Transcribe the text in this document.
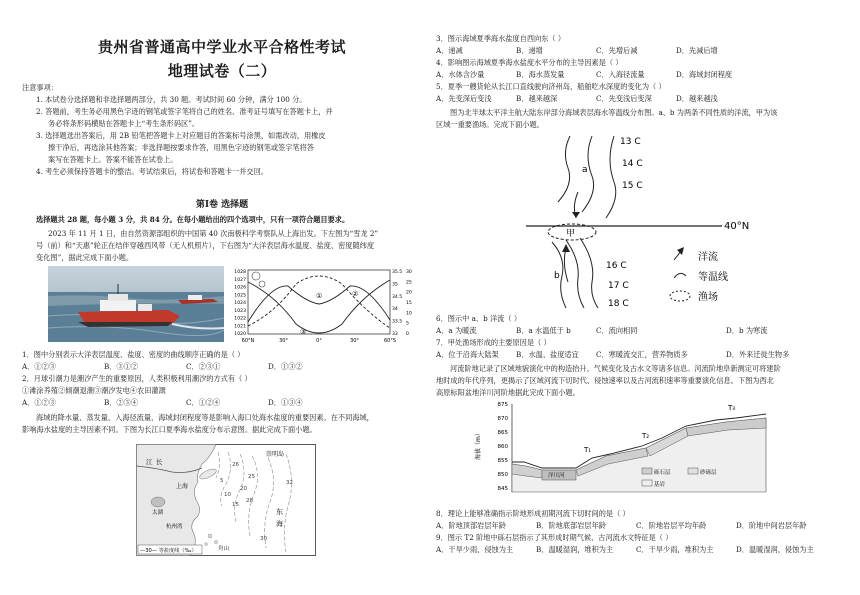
贵州省普通高中学业水平合格性考试
地理试卷（二）
注意事项：
1. 本试卷分选择题和非选择题两部分，共 30 题。考试时间 60 分钟，满分 100 分。
2. 答题前，考生务必用黑色字迹的钢笔或签字笔将自己的姓名、准考证号填写在答题卡上，并
务必将条形码横贴在答题卡上“考生条形码区”。
3. 选择题选出答案后，用 2B 铅笔把答题卡上对应题目的答案标号涂黑，如需改动，用橡皮
擦干净后，再选涂其他答案；非选择题按要求作答，用黑色字迹的钢笔或签字笔将答
案写在答题卡上。答案不能答在试卷上。
4. 考生必须保持答题卡的整洁。考试结束后，将试卷和答题卡一并交回。
第Ⅰ卷 选择题
选择题共 28 题，每小题 3 分，共 84 分。在每小题给出的四个选项中，只有一项符合题目要求。
2023 年 11 月 1 日，由自然资源部组织的中国第 40 次南极科学考察队从上海出发。下左图为“雪龙 2”
号（前）和“天惠”轮正在结伴穿越西风带（无人机照片），下右图为“大洋表层海水温度、盐度、密度随纬度
变化图”，据此完成下面小题。
1028
1027
1026
1025
1024
1023
1022
1021
1020
35.5
35
34.5
34
33.5
33
30
25
20
15
10
5
0
60°N	30°	0°	30°	60°S
①	②
③
1．图中分别表示大洋表层温度、盐度、密度的曲线顺序正确的是（ ）
A．①②③	B．③①②	C．②③①	D．①③②
2．月球引潮力是潮汐产生的重要原因，人类积极利用潮汐的方式有（ ）
①滩涂养殖②倾潮退潮③潮汐发电④农田灌溉
A．①②③	B．②③④	C．①②④	D．①③④
海域的降水量、蒸发量、入海径流量、海域封闭程度等是影响入海口处海水盐度的重要因素。在不同海域，
影响海水盐度的主导因素不同。下图为长江口夏季海水盐度分布示意图。据此完成下面小题。
江 长
太湖
崇明岛
上海
东
海
杭州湾
舟山
5
10
15
20
25
26
28
30
32
—30— 等盐度线（‰）
3．图示海域夏季海水盐度自西向东（ ）
A．递减	B．递增	C．先增后减	D．先减后增
4．影响图示海域夏季海水盐度水平分布的主导因素是（ ）
A．水体含沙量	B．海水蒸发量	C．入海径流量	D．海域封闭程度
5．夏季一艘货轮从长江口直线驶向济州岛，船舶吃水深度的变化为（ ）
A．先变深后变浅	B．越来越深	C．先变浅后变深	D．越来越浅
图为北半球太平洋主航大陆东岸部分海域表层海水等温线分布图。a、b 为两条不同性质的洋流，甲为该
区域一重要渔场。完成下面小题。
13 C
14 C
15 C
a
40°N
甲
16 C
17 C
18 C
b
洋流
等温线
渔场
6．图示中 a、b 洋流（ ）
A．a 为暖流	B．a 水温低于 b	C．流向相同	D．b 为寒流
7．甲处渔场形成的主要原因是（ ）
A．位于沿海大陆架	B．水温、盐度适宜	C．寒暖流交汇，营养物质多	D．外来迁徙生物多
河流阶地记录了区域地貌演化中的构造抬升、气候变化及古水文等诸多信息。河流阶地阜新测定可将建阶
地时成的年代序列，更揭示了区域河流下切时代、侵蚀速率以及古河流积速率等重要演化信息。下图为西北
高原标阳盆地洋川河阶地据此完成下面小题。
875
870
865
860
855
850
845
海拔（m）
洋川河
T₁
T₂
T₃
砾石层	砂砾层
基岩
8．理论上能够准确指示阶地形成初期河流下切时间的是（ ）
A．阶地顶部岩层年龄	B．阶地底部岩层年龄	C．阶地岩层平均年龄	D．阶地中间岩层年龄
9．图示 T2 阶地中砾石层指示了其形成时期气候、古河流水文特征是（ ）
A．干旱少雨，侵蚀为主	B．温暖湿润，堆积为主	C．干旱少雨，堆积为主	D．温暖湿润，侵蚀为主
